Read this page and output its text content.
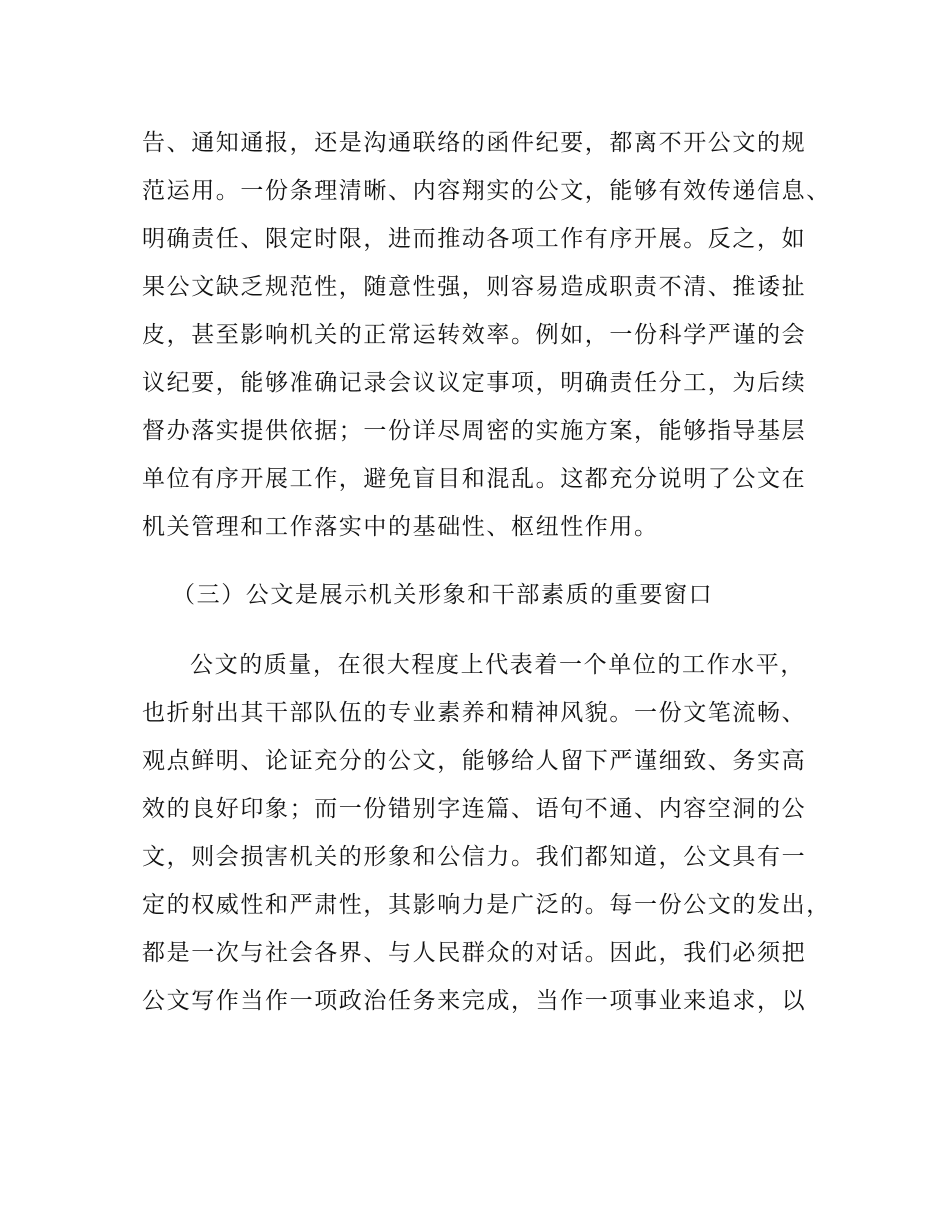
告、通知通报，还是沟通联络的函件纪要，都离不开公文的规
范运用。一份条理清晰、内容翔实的公文，能够有效传递信息、
明确责任、限定时限，进而推动各项工作有序开展。反之，如
果公文缺乏规范性，随意性强，则容易造成职责不清、推诿扯
皮，甚至影响机关的正常运转效率。例如，一份科学严谨的会
议纪要，能够准确记录会议议定事项，明确责任分工，为后续
督办落实提供依据；一份详尽周密的实施方案，能够指导基层
单位有序开展工作，避免盲目和混乱。这都充分说明了公文在
机关管理和工作落实中的基础性、枢纽性作用。
（三）公文是展示机关形象和干部素质的重要窗口
公文的质量，在很大程度上代表着一个单位的工作水平，
也折射出其干部队伍的专业素养和精神风貌。一份文笔流畅、
观点鲜明、论证充分的公文，能够给人留下严谨细致、务实高
效的良好印象；而一份错别字连篇、语句不通、内容空洞的公
文，则会损害机关的形象和公信力。我们都知道，公文具有一
定的权威性和严肃性，其影响力是广泛的。每一份公文的发出，
都是一次与社会各界、与人民群众的对话。因此，我们必须把
公文写作当作一项政治任务来完成，当作一项事业来追求，以
